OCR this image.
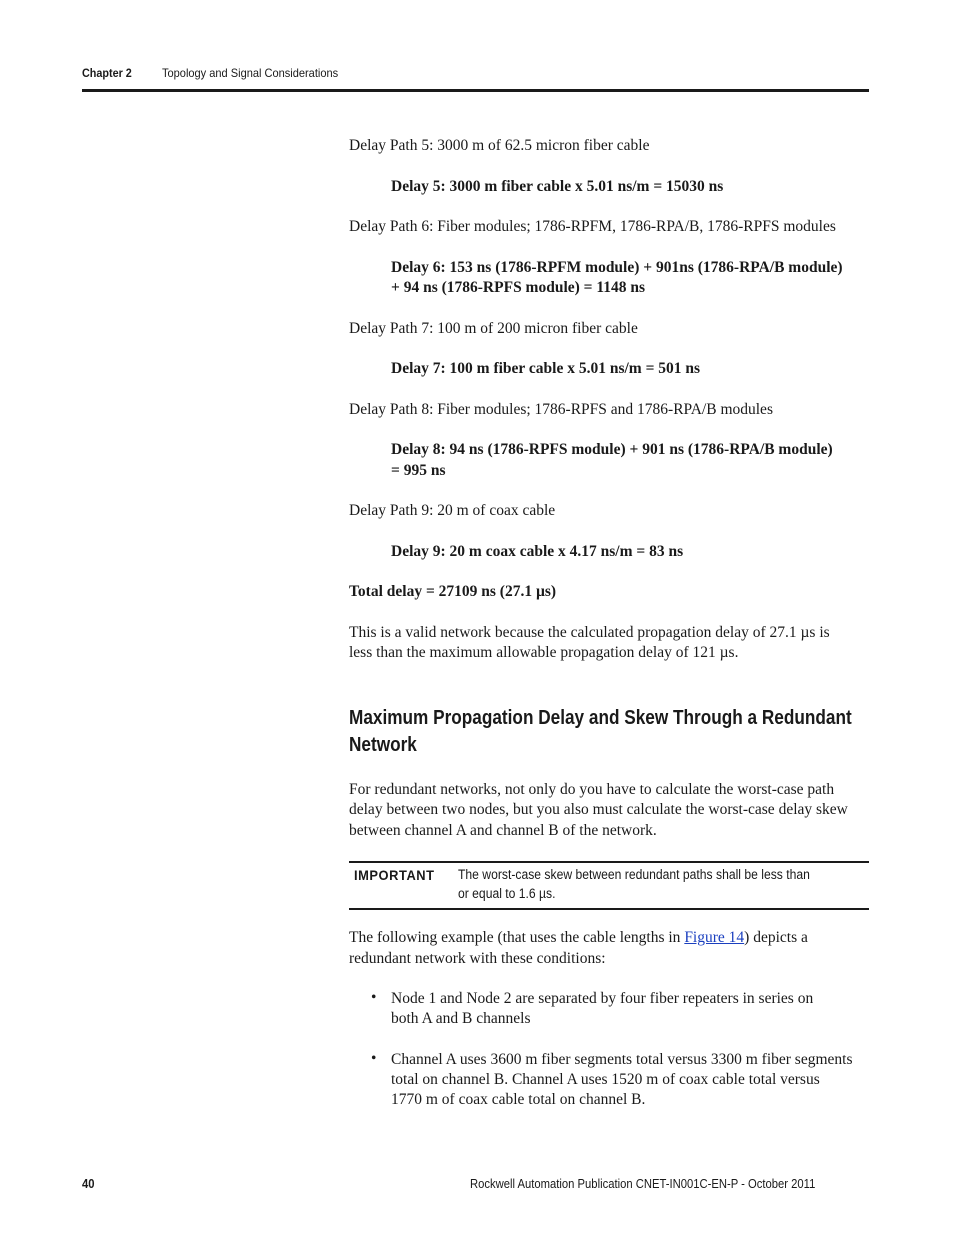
Chapter 2	Topology and Signal Considerations
Delay Path 5: 3000 m of 62.5 micron fiber cable
Delay 5: 3000 m fiber cable x 5.01 ns/m = 15030 ns
Delay Path 6: Fiber modules; 1786-RPFM, 1786-RPA/B, 1786-RPFS modules
Delay 6: 153 ns (1786-RPFM module) + 901ns (1786-RPA/B module)
+ 94 ns (1786-RPFS module) = 1148 ns
Delay Path 7: 100 m of 200 micron fiber cable
Delay 7: 100 m fiber cable x 5.01 ns/m = 501 ns
Delay Path 8: Fiber modules; 1786-RPFS and 1786-RPA/B modules
Delay 8: 94 ns (1786-RPFS module) + 901 ns (1786-RPA/B module)
= 995 ns
Delay Path 9: 20 m of coax cable
Delay 9: 20 m coax cable x 4.17 ns/m = 83 ns
Total delay = 27109 ns (27.1 µs)
This is a valid network because the calculated propagation delay of 27.1 µs is
less than the maximum allowable propagation delay of 121 µs.
Maximum Propagation Delay and Skew Through a Redundant
Network
For redundant networks, not only do you have to calculate the worst-case path
delay between two nodes, but you also must calculate the worst-case delay skew
between channel A and channel B of the network.
IMPORTANT The worst-case skew between redundant paths shall be less than
or equal to 1.6 µs.
The following example (that uses the cable lengths in Figure 14) depicts a
redundant network with these conditions:
• Node 1 and Node 2 are separated by four fiber repeaters in series on
both A and B channels
• Channel A uses 3600 m fiber segments total versus 3300 m fiber segments
total on channel B. Channel A uses 1520 m of coax cable total versus
1770 m of coax cable total on channel B.
40	Rockwell Automation Publication CNET-IN001C-EN-P - October 2011
